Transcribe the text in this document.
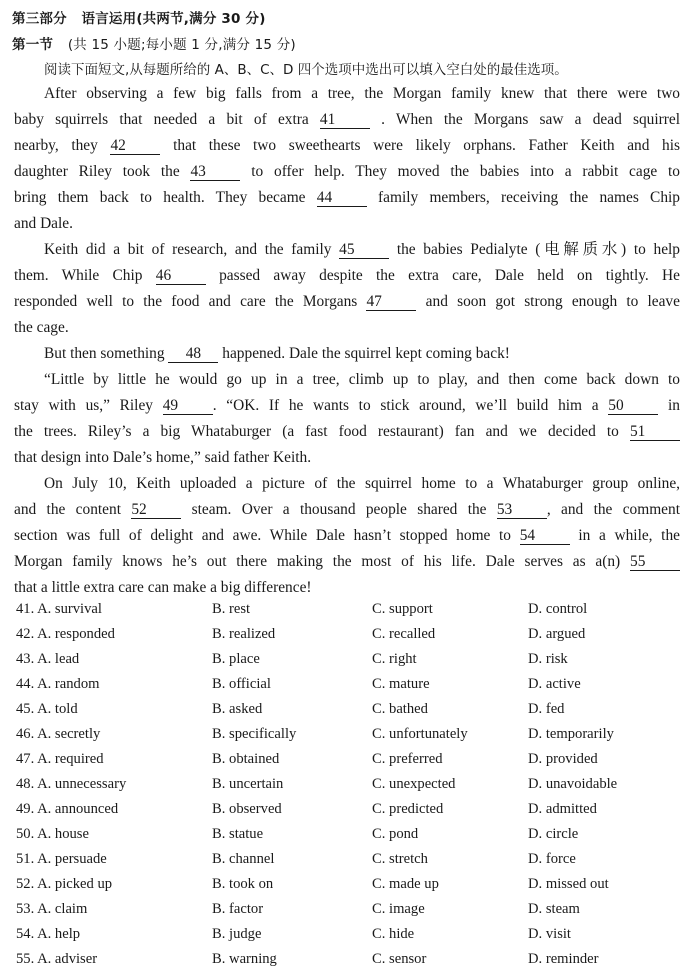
第三部分 语言运用(共两节,满分 30 分)
第一节 (共 15 小题;每小题 1 分,满分 15 分)
阅读下面短文,从每题所给的 A、B、C、D 四个选项中选出可以填入空白处的最佳选项。
After observing a few big falls from a tree, the Morgan family knew that there were two
baby squirrels that needed a bit of extra 41	. When the Morgans saw a dead squirrel
nearby, they 42	that these two sweethearts were likely orphans. Father Keith and his
daughter Riley took the 43	to offer help. They moved the babies into a rabbit cage to
bring them back to health. They became 44	family members, receiving the names Chip
and Dale.
Keith did a bit of research, and the family 45	the babies Pedialyte (电解质水) to help
them. While Chip 46	passed away despite the extra care, Dale held on tightly. He
responded well to the food and care the Morgans 47	and soon got strong enough to leave
the cage.
But then something 48 happened. Dale the squirrel kept coming back!
“Little by little he would go up in a tree, climb up to play, and then come back down to
stay with us,” Riley 49 . “OK. If he wants to stick around, we’ll build him a 50	in
the trees. Riley’s a big Whataburger (a fast food restaurant) fan and we decided to 51
that design into Dale’s home,” said father Keith.
On July 10, Keith uploaded a picture of the squirrel home to a Whataburger group online,
and the content 52	steam. Over a thousand people shared the 53 , and the comment
section was full of delight and awe. While Dale hasn’t stopped home to 54	in a while, the
Morgan family knows he’s out there making the most of his life. Dale serves as a(n) 55
that a little extra care can make a big difference!
41. A. survival	B. rest	C. support	D. control
42. A. responded	B. realized	C. recalled	D. argued
43. A. lead	B. place	C. right	D. risk
44. A. random	B. official	C. mature	D. active
45. A. told	B. asked	C. bathed	D. fed
46. A. secretly	B. specifically	C. unfortunately	D. temporarily
47. A. required	B. obtained	C. preferred	D. provided
48. A. unnecessary	B. uncertain	C. unexpected	D. unavoidable
49. A. announced	B. observed	C. predicted	D. admitted
50. A. house	B. statue	C. pond	D. circle
51. A. persuade	B. channel	C. stretch	D. force
52. A. picked up	B. took on	C. made up	D. missed out
53. A. claim	B. factor	C. image	D. steam
54. A. help	B. judge	C. hide	D. visit
55. A. adviser	B. warning	C. sensor	D. reminder
